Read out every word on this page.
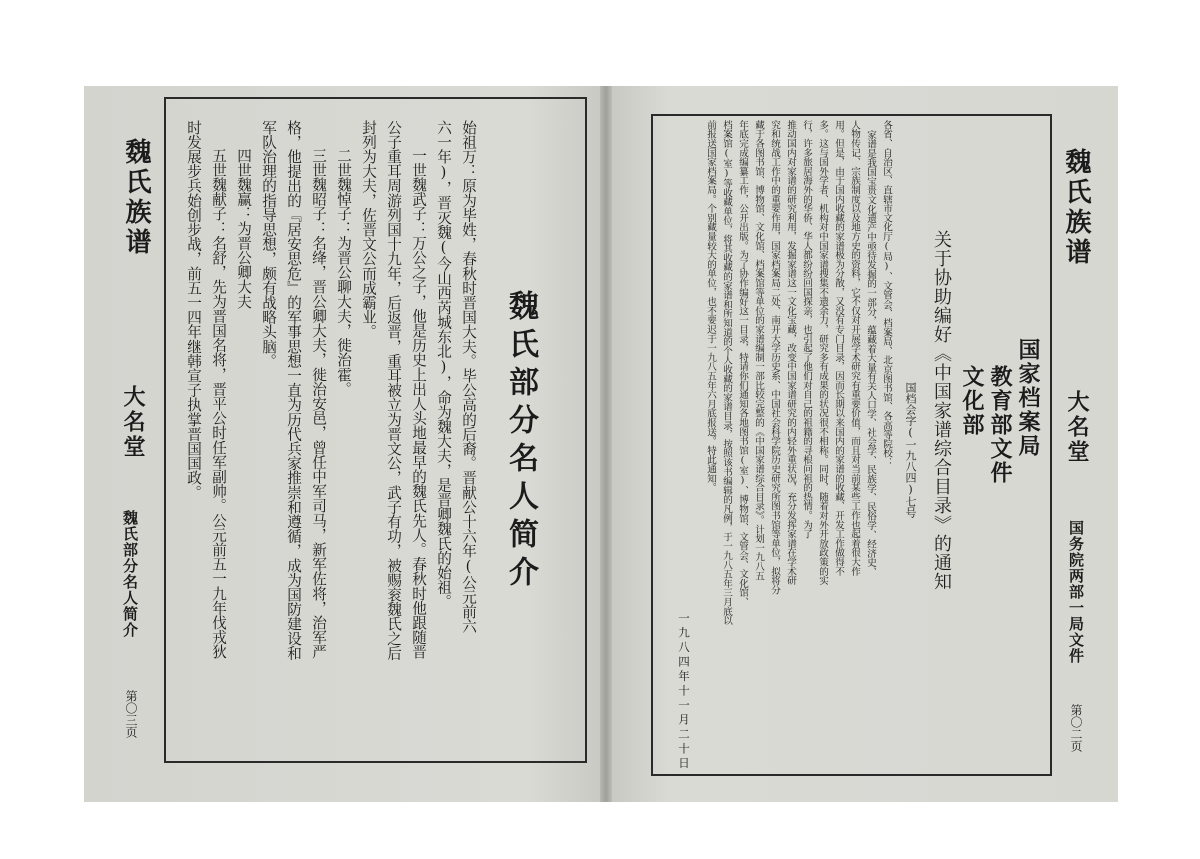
魏氏族谱
大名堂
魏氏部分名人简介
第〇三页
魏氏部分名人简介
始祖万：原为毕姓，春秋时晋国大夫。毕公高的后裔。晋献公十六年(公元前六
六一年)，晋灭魏(今山西芮城东北)，命为魏大夫，是晋卿魏氏的始祖。
一世魏武子：万公之子，他是历史上出人头地最早的魏氏先人。春秋时他跟随晋
公子重耳周游列国十九年，后返晋，重耳被立为晋文公，武子有功，被赐衮魏氏之后
封列为大夫，佐晋文公而成霸业。
二世魏悼子：为晋公聊大夫，徙治霍。
三世魏昭子：名绛，晋公卿大夫，徙治安邑，曾任中军司马，新军佐将，治军严
格，他提出的『居安思危』的军事思想一直为历代兵家推崇和遵循，成为国防建设和
军队治理的指导思想，颇有战略头脑。
四世魏赢：为晋公卿大夫
五世魏献子：名舒，先为晋国名将，晋平公时任军副帅。公元前五一九年伐戎狄
时发展步兵始创步战，前五一四年继韩宣子执掌晋国国政。	魏氏族谱
大名堂
国务院两部一局文件
第〇二页
国家档案局
教育部文件
文化部
关于协助编好《中国家谱综合目录》的通知
国档会字(一九八四)七号
各省、自治区、直辖市文化厅(局)、文管会、档案局、北京图书馆、各高等院校：
家谱是我国宝贵文化遗产中亟待发掘的一部分，蕴藏着大量有关人口学、社会学、民族学、民俗学、经济史、
人物传记、宗族制度以及地方史的资料，它不仅对开展学术研究有重要价值，而且对当前某些工作也起着很大作
用。但是，由于国内收藏的家谱极为分散，又没有专门目录，因而长期以来国内的家谱的收藏、开发工作做得不
多。这与国外学者、机构对中国家谱搜集不遗余力，研究多有成果的状况很不相称。同时，随着对外开放政策的实
行，许多旅居海外的华侨、华人都纷纷回国探亲，也引起了他们对自己的祖籍的寻根问祖的热情。为了
推动国内对家谱的研究利用，发掘家谱这一文化宝藏，改变中国家谱研究的内轻外重状况，充分发挥家谱在学术研
究和统战工作中的重要作用，国家档案局二处、南开大学历史系、中国社会科学院历史研究所图书馆等单位，拟将分
藏于各图书馆、博物馆、文化馆、档案馆等单位的家谱编制一部比较完整的《中国家谱综合目录》。计划一九八五
年底完成编纂工作，公开出版。为了协作编好这一目录，特请你们通知各地图书馆(室)、博物馆、文管会、文化馆、
档案馆(室)等收藏单位，将其收藏的家谱和所知道的个人收藏的家谱目录，按照该书编辑的凡例，于一九八五年三月底以
前报送国家档案局。个别藏量较大的单位，也不要迟于一九八五年六月底报送。特此通知。
一九八四年十一月二十日
